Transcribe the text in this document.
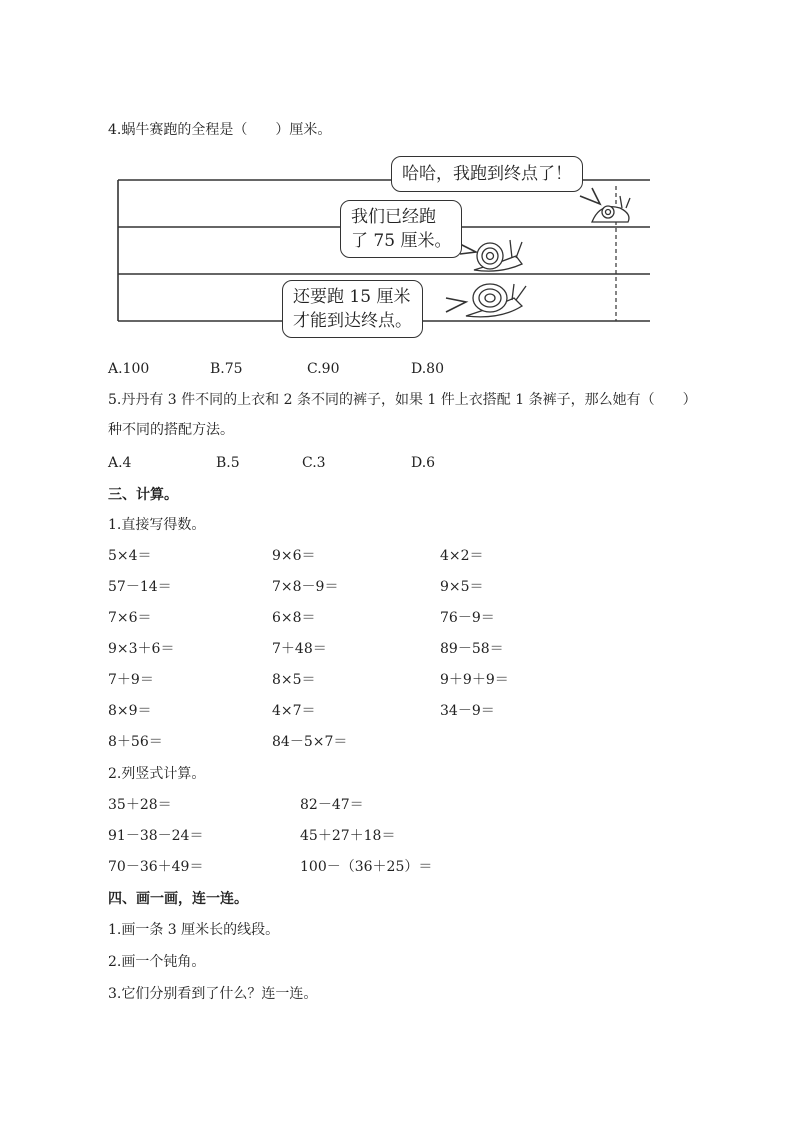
4.蜗牛赛跑的全程是（　　）厘米。
哈哈，我跑到终点了！
我们已经跑
了 75 厘米。
还要跑 15 厘米
才能到达终点。
A.100	B.75	C.90	D.80
5.丹丹有 3 件不同的上衣和 2 条不同的裤子，如果 1 件上衣搭配 1 条裤子，那么她有（　　）
种不同的搭配方法。
A.4	B.5	C.3	D.6
三、计算。
1.直接写得数。
5×4＝	9×6＝	4×2＝
57－14＝	7×8－9＝	9×5＝
7×6＝	6×8＝	76－9＝
9×3＋6＝	7＋48＝	89－58＝
7＋9＝	8×5＝	9＋9＋9＝
8×9＝	4×7＝	34－9＝
8＋56＝	84－5×7＝
2.列竖式计算。
35＋28＝	82－47＝
91－38－24＝	45＋27＋18＝
70－36＋49＝	100－（36＋25）＝
四、画一画，连一连。
1.画一条 3 厘米长的线段。
2.画一个钝角。
3.它们分别看到了什么？连一连。
